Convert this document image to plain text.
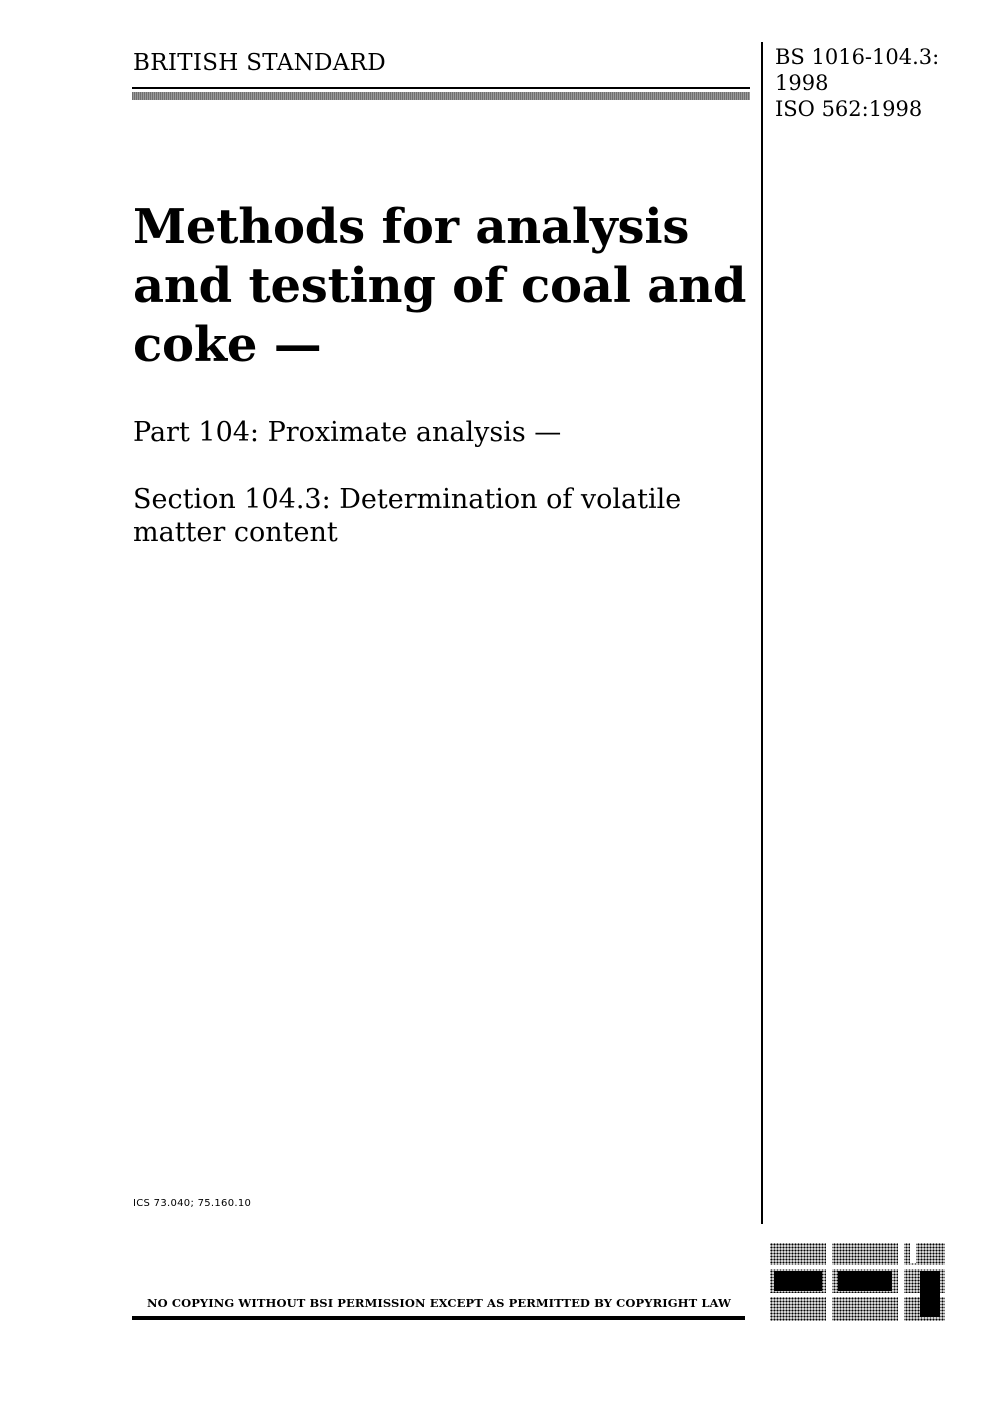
BRITISH STANDARD	BS 1016-104.3:
1998
ISO 562:1998
Methods for analysis
and testing of coal and
coke —
Part 104: Proximate analysis —
Section 104.3: Determination of volatile
matter content
ICS 73.040; 75.160.10
NO COPYING WITHOUT BSI PERMISSION EXCEPT AS PERMITTED BY COPYRIGHT LAW
